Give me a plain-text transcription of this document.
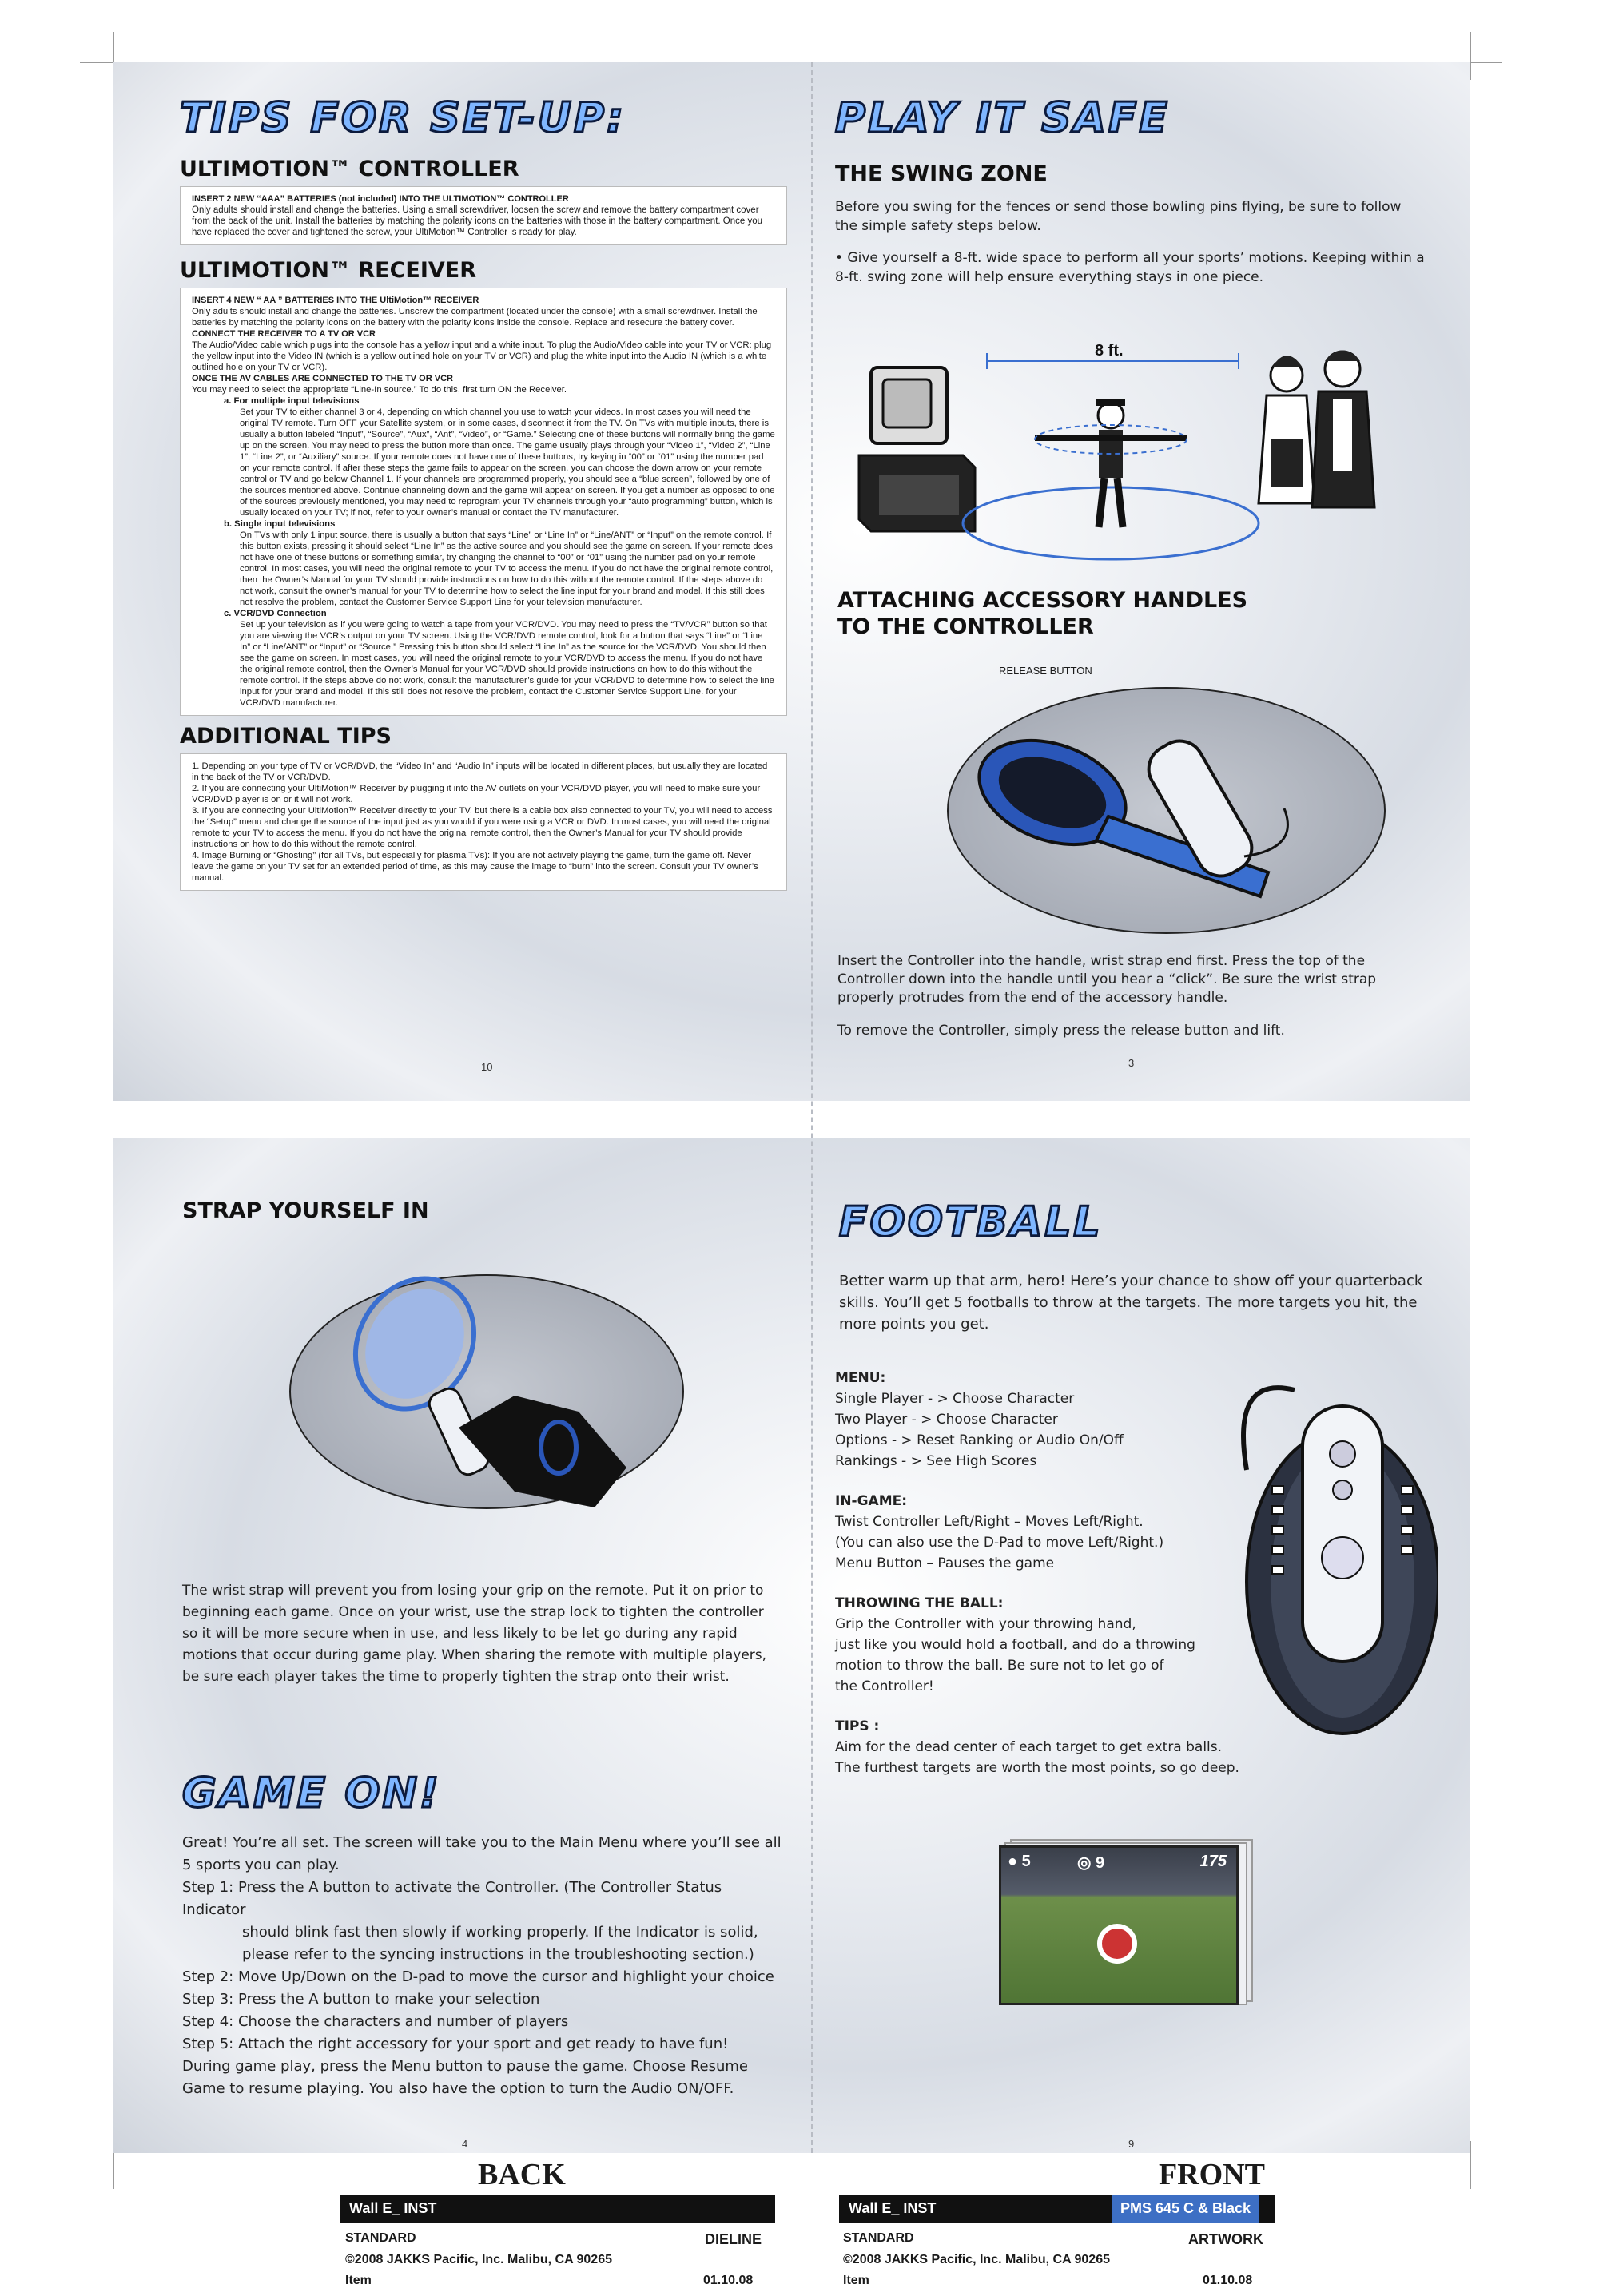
TIPS FOR SET-UP:
ULTIMOTION™ CONTROLLER
INSERT 2 NEW “AAA” BATTERIES (not included) INTO THE ULTIMOTION™ CONTROLLER
Only adults should install and change the batteries. Using a small screwdriver, loosen the screw and remove the battery compartment cover from the back of the unit. Install the batteries by matching the polarity icons on the batteries with those in the battery compartment. Once you have replaced the cover and tightened the screw, your UltiMotion™ Controller is ready for play.
ULTIMOTION™ RECEIVER
INSERT 4 NEW “ AA ” BATTERIES INTO THE UltiMotion™ RECEIVER
Only adults should install and change the batteries. Unscrew the compartment (located under the console) with a small screwdriver. Install the batteries by matching the polarity icons on the battery with the polarity icons inside the console. Replace and resecure the battery cover.
CONNECT THE RECEIVER TO A TV OR VCR
The Audio/Video cable which plugs into the console has a yellow input and a white input. To plug the Audio/Video cable into your TV or VCR: plug the yellow input into the Video IN (which is a yellow outlined hole on your TV or VCR) and plug the white input into the Audio IN (which is a white outlined hole on your TV or VCR).
ONCE THE AV CABLES ARE CONNECTED TO THE TV OR VCR
You may need to select the appropriate “Line-In source.” To do this, first turn ON the Receiver.
a. For multiple input televisions
Set your TV to either channel 3 or 4, depending on which channel you use to watch your videos. In most cases you will need the original TV remote. Turn OFF your Satellite system, or in some cases, disconnect it from the TV. On TVs with multiple inputs, there is usually a button labeled “Input”, “Source”, “Aux”, “Ant”, “Video”, or “Game.” Selecting one of these buttons will normally bring the game up on the screen. You may need to press the button more than once. The game usually plays through your “Video 1”, “Video 2”, “Line 1”, “Line 2”, or “Auxiliary” source. If your remote does not have one of these buttons, try keying in “00” or “01” using the number pad on your remote control. If after these steps the game fails to appear on the screen, you can choose the down arrow on your remote control or TV and go below Channel 1. If your channels are programmed properly, you should see a “blue screen”, followed by one of the sources mentioned above. Continue channeling down and the game will appear on screen. If you get a number as opposed to one of the sources previously mentioned, you may need to reprogram your TV channels through your “auto programming” button, which is usually located on your TV; if not, refer to your owner’s manual or contact the TV manufacturer.
b. Single input televisions
On TVs with only 1 input source, there is usually a button that says “Line” or “Line In” or “Line/ANT” or “Input” on the remote control. If this button exists, pressing it should select “Line In” as the active source and you should see the game on screen. If your remote does not have one of these buttons or something similar, try changing the channel to “00” or “01” using the number pad on your remote control. In most cases, you will need the original remote to your TV to access the menu. If you do not have the original remote control, then the Owner’s Manual for your TV should provide instructions on how to do this without the remote control. If the steps above do not work, consult the owner’s manual for your TV to determine how to select the line input for your brand and model. If this still does not resolve the problem, contact the Customer Service Support Line for your television manufacturer.
c. VCR/DVD Connection
Set up your television as if you were going to watch a tape from your VCR/DVD. You may need to press the “TV/VCR” button so that you are viewing the VCR’s output on your TV screen. Using the VCR/DVD remote control, look for a button that says “Line” or “Line In” or “Line/ANT” or “Input” or “Source.” Pressing this button should select “Line In” as the source for the VCR/DVD. You should then see the game on screen. In most cases, you will need the original remote to your VCR/DVD to access the menu. If you do not have the original remote control, then the Owner’s Manual for your VCR/DVD should provide instructions on how to do this without the remote control. If the steps above do not work, consult the manufacturer’s guide for your VCR/DVD to determine how to select the line input for your brand and model. If this still does not resolve the problem, contact the Customer Service Support Line. for your VCR/DVD manufacturer.
ADDITIONAL TIPS
1. Depending on your type of TV or VCR/DVD, the “Video In” and “Audio In” inputs will be located in different places, but usually they are located in the back of the TV or VCR/DVD.
2. If you are connecting your UltiMotion™ Receiver by plugging it into the AV outlets on your VCR/DVD player, you will need to make sure your VCR/DVD player is on or it will not work.
3. If you are connecting your UltiMotion™ Receiver directly to your TV, but there is a cable box also connected to your TV, you will need to access the “Setup” menu and change the source of the input just as you would if you were using a VCR or DVD. In most cases, you will need the original remote to your TV to access the menu. If you do not have the original remote control, then the Owner’s Manual for your TV should provide instructions on how to do this without the remote control.
4. Image Burning or “Ghosting” (for all TVs, but especially for plasma TVs): If you are not actively playing the game, turn the game off. Never leave the game on your TV set for an extended period of time, as this may cause the image to “burn” into the screen. Consult your TV owner’s manual.
10
PLAY IT SAFE
THE SWING ZONE
Before you swing for the fences or send those bowling pins flying, be sure to follow the simple safety steps below.
• Give yourself a 8-ft. wide space to perform all your sports’ motions. Keeping within a 8-ft. swing zone will help ensure everything stays in one piece.
8 ft.
ATTACHING ACCESSORY HANDLES TO THE CONTROLLER
RELEASE BUTTON

Insert the Controller into the handle, wrist strap end first. Press the top of the Controller down into the handle until you hear a “click”. Be sure the wrist strap properly protrudes from the end of the accessory handle.

To remove the Controller, simply press the release button and lift.

3
STRAP YOURSELF IN
The wrist strap will prevent you from losing your grip on the remote. Put it on prior to beginning each game. Once on your wrist, use the strap lock to tighten the controller so it will be more secure when in use, and less likely to be let go during any rapid motions that occur during game play. When sharing the remote with multiple players, be sure each player takes the time to properly tighten the strap onto their wrist.
GAME ON!

Great! You’re all set. The screen will take you to the Main Menu where you’ll see all 5 sports you can play.

Step 1: Press the A button to activate the Controller. (The Controller Status Indicator

should blink fast then slowly if working properly. If the Indicator is solid,

please refer to the syncing instructions in the troubleshooting section.)

Step 2: Move Up/Down on the D-pad to move the cursor and highlight your choice

Step 3: Press the A button to make your selection

Step 4: Choose the characters and number of players

Step 5: Attach the right accessory for your sport and get ready to have fun!

During game play, press the Menu button to pause the game. Choose Resume Game to resume playing. You also have the option to turn the Audio ON/OFF.

4
FOOTBALL
Better warm up that arm, hero! Here’s your chance to show off your quarterback skills. You’ll get 5 footballs to throw at the targets. The more targets you hit, the more points you get.

MENU:

Single Player - > Choose Character

Two Player - > Choose Character

Options - > Reset Ranking or Audio On/Off

Rankings - > See High Scores

IN-GAME:

Twist Controller Left/Right – Moves Left/Right.

(You can also use the D-Pad to move Left/Right.)

Menu Button – Pauses the game

THROWING THE BALL:

Grip the Controller with your throwing hand,

just like you would hold a football, and do a throwing

motion to throw the ball. Be sure not to let go of

the Controller!

TIPS :

Aim for the dead center of each target to get extra balls.

The furthest targets are worth the most points, so go deep.

● 5	◎ 9	175
9
BACK	FRONT
Wall E_ INST
STANDARD	DIELINE
©2008 JAKKS Pacific, Inc. Malibu, CA 90265
Item	01.10.08
Wall E_ INST	PMS 645 C & Black
STANDARD	ARTWORK
©2008 JAKKS Pacific, Inc. Malibu, CA 90265
Item	01.10.08
